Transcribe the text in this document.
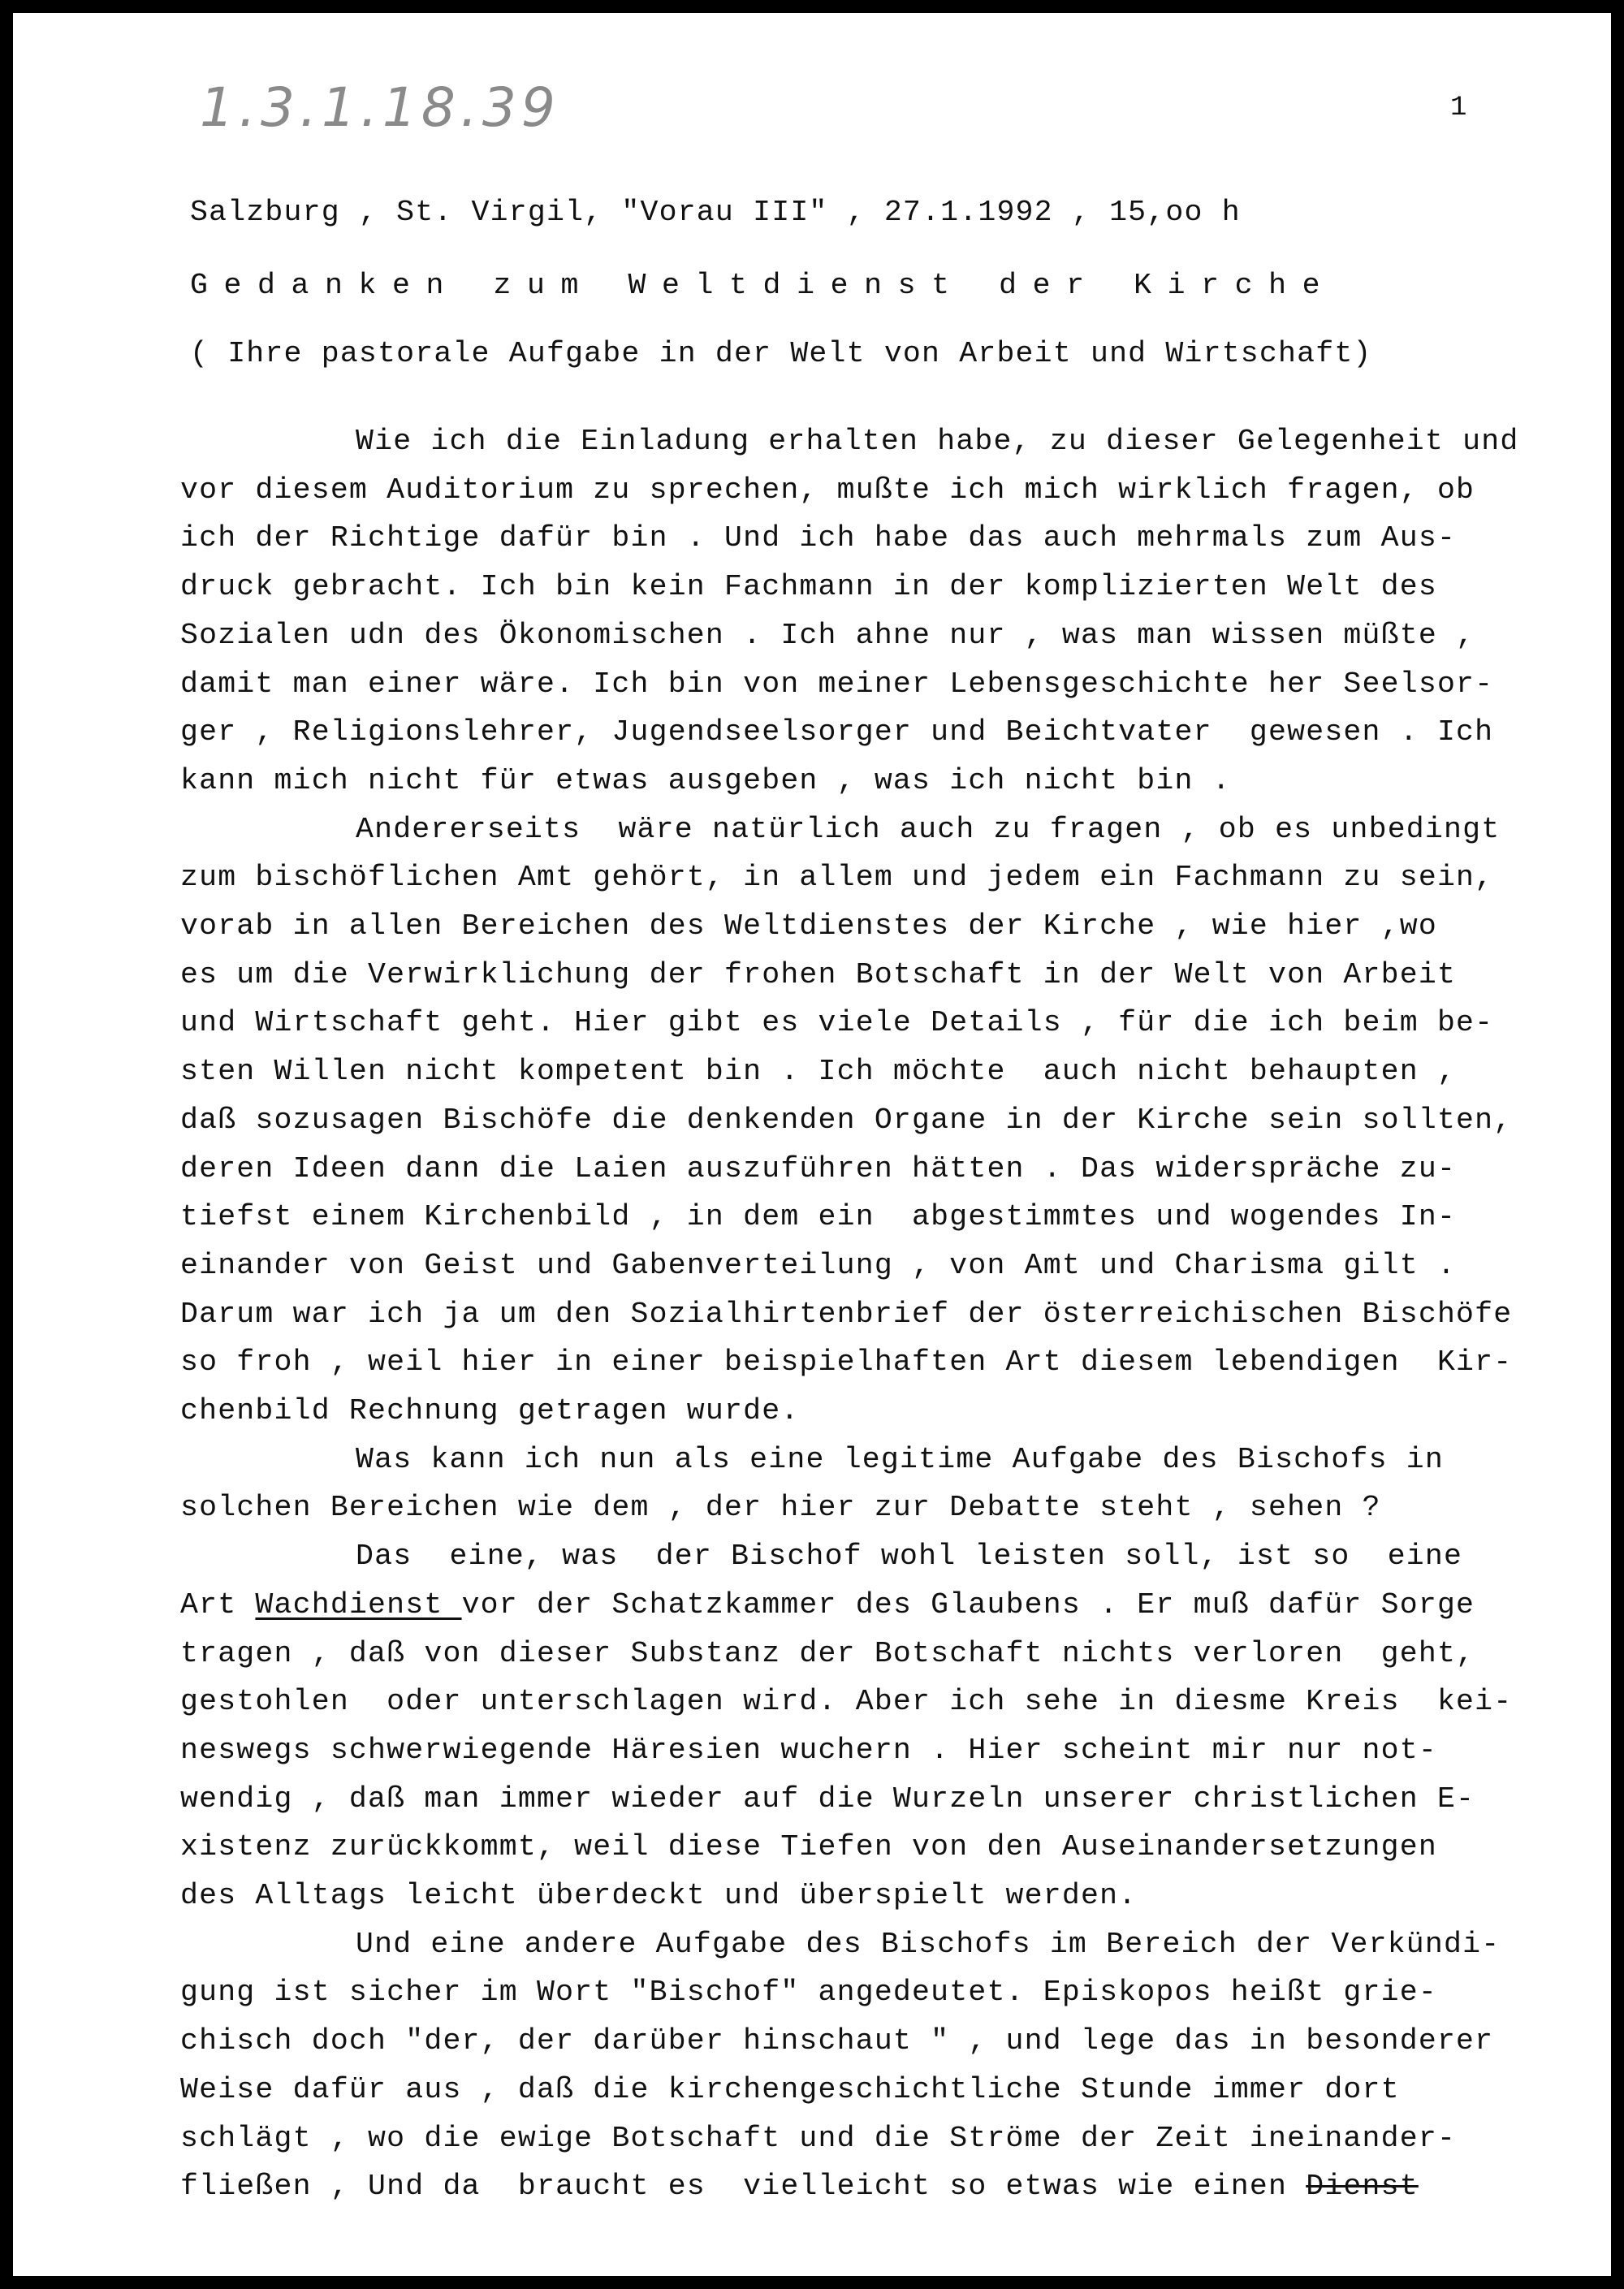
1.3.1.18.39	1
Salzburg , St. Virgil, "Vorau III" , 27.1.1992 , 15,oo h
Gedanken zum Weltdienst der Kirche
( Ihre pastorale Aufgabe in der Welt von Arbeit und Wirtschaft)
Wie ich die Einladung erhalten habe, zu dieser Gelegenheit und
vor diesem Auditorium zu sprechen, mußte ich mich wirklich fragen, ob
ich der Richtige dafür bin . Und ich habe das auch mehrmals zum Aus-
druck gebracht. Ich bin kein Fachmann in der komplizierten Welt des
Sozialen udn des Ökonomischen . Ich ahne nur , was man wissen müßte ,
damit man einer wäre. Ich bin von meiner Lebensgeschichte her Seelsor-
ger , Religionslehrer, Jugendseelsorger und Beichtvater  gewesen . Ich
kann mich nicht für etwas ausgeben , was ich nicht bin .
Andererseits  wäre natürlich auch zu fragen , ob es unbedingt
zum bischöflichen Amt gehört, in allem und jedem ein Fachmann zu sein,
vorab in allen Bereichen des Weltdienstes der Kirche , wie hier ,wo
es um die Verwirklichung der frohen Botschaft in der Welt von Arbeit
und Wirtschaft geht. Hier gibt es viele Details , für die ich beim be-
sten Willen nicht kompetent bin . Ich möchte  auch nicht behaupten ,
daß sozusagen Bischöfe die denkenden Organe in der Kirche sein sollten,
deren Ideen dann die Laien auszuführen hätten . Das widerspräche zu-
tiefst einem Kirchenbild , in dem ein  abgestimmtes und wogendes In-
einander von Geist und Gabenverteilung , von Amt und Charisma gilt .
Darum war ich ja um den Sozialhirtenbrief der österreichischen Bischöfe
so froh , weil hier in einer beispielhaften Art diesem lebendigen  Kir-
chenbild Rechnung getragen wurde.
Was kann ich nun als eine legitime Aufgabe des Bischofs in
solchen Bereichen wie dem , der hier zur Debatte steht , sehen ?
Das  eine, was  der Bischof wohl leisten soll, ist so  eine
Art Wachdienst vor der Schatzkammer des Glaubens . Er muß dafür Sorge
tragen , daß von dieser Substanz der Botschaft nichts verloren  geht,
gestohlen  oder unterschlagen wird. Aber ich sehe in diesme Kreis  kei-
neswegs schwerwiegende Häresien wuchern . Hier scheint mir nur not-
wendig , daß man immer wieder auf die Wurzeln unserer christlichen E-
xistenz zurückkommt, weil diese Tiefen von den Auseinandersetzungen
des Alltags leicht überdeckt und überspielt werden.
Und eine andere Aufgabe des Bischofs im Bereich der Verkündi-
gung ist sicher im Wort "Bischof" angedeutet. Episkopos heißt grie-
chisch doch "der, der darüber hinschaut " , und lege das in besonderer
Weise dafür aus , daß die kirchengeschichtliche Stunde immer dort
schlägt , wo die ewige Botschaft und die Ströme der Zeit ineinander-
fließen , Und da  braucht es  vielleicht so etwas wie einen Dienst
